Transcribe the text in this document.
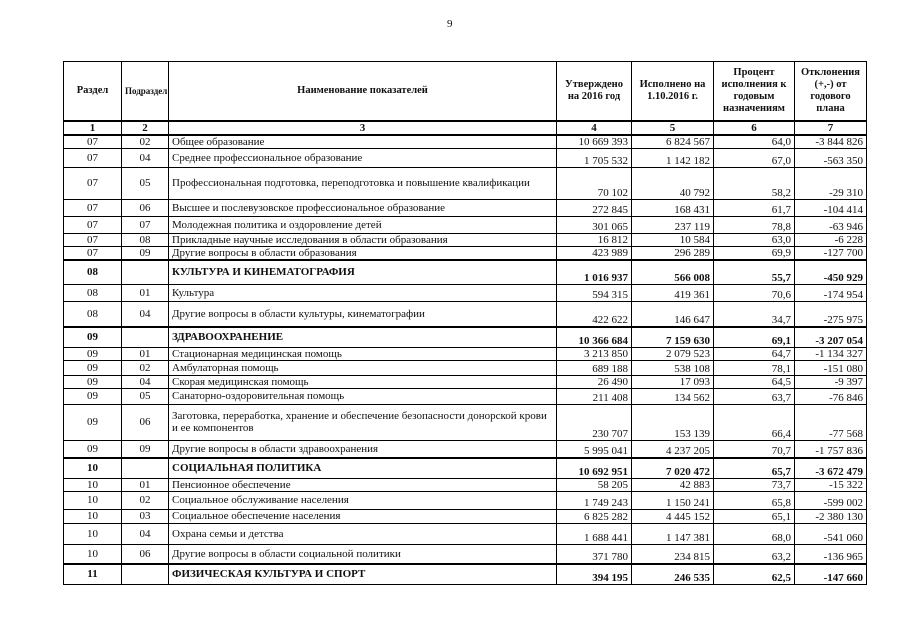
9
Раздел	Подраздел	Наименование показателей	Утверждено на 2016 год	Исполнено на 1.10.2016 г.	Процент исполнения к годовым назначениям	Отклонения (+,-) от годового плана
1	2	3	4	5	6	7
07	02	Общее образование	10 669 393	6 824 567	64,0	-3 844 826
07	04	Среднее профессиональное образование	1 705 532	1 142 182	67,0	-563 350
07	05	Профессиональная подготовка, переподготовка и повышение квалификации	70 102	40 792	58,2	-29 310
07	06	Высшее и послевузовское профессиональное образование	272 845	168 431	61,7	-104 414
07	07	Молодежная политика и оздоровление детей	301 065	237 119	78,8	-63 946
07	08	Прикладные научные исследования в области образования	16 812	10 584	63,0	-6 228
07	09	Другие вопросы в области образования	423 989	296 289	69,9	-127 700
08		КУЛЬТУРА И КИНЕМАТОГРАФИЯ	1 016 937	566 008	55,7	-450 929
08	01	Культура	594 315	419 361	70,6	-174 954
08	04	Другие вопросы в области культуры, кинематографии	422 622	146 647	34,7	-275 975
09		ЗДРАВООХРАНЕНИЕ	10 366 684	7 159 630	69,1	-3 207 054
09	01	Стационарная медицинская помощь	3 213 850	2 079 523	64,7	-1 134 327
09	02	Амбулаторная помощь	689 188	538 108	78,1	-151 080
09	04	Скорая медицинская помощь	26 490	17 093	64,5	-9 397
09	05	Санаторно-оздоровительная помощь	211 408	134 562	63,7	-76 846
09	06	Заготовка, переработка, хранение и обеспечение безопасности донорской крови и ее компонентов	230 707	153 139	66,4	-77 568
09	09	Другие вопросы в области здравоохранения	5 995 041	4 237 205	70,7	-1 757 836
10		СОЦИАЛЬНАЯ ПОЛИТИКА	10 692 951	7 020 472	65,7	-3 672 479
10	01	Пенсионное обеспечение	58 205	42 883	73,7	-15 322
10	02	Социальное обслуживание населения	1 749 243	1 150 241	65,8	-599 002
10	03	Социальное обеспечение населения	6 825 282	4 445 152	65,1	-2 380 130
10	04	Охрана семьи и детства	1 688 441	1 147 381	68,0	-541 060
10	06	Другие вопросы в области социальной политики	371 780	234 815	63,2	-136 965
11		ФИЗИЧЕСКАЯ КУЛЬТУРА И СПОРТ	394 195	246 535	62,5	-147 660
